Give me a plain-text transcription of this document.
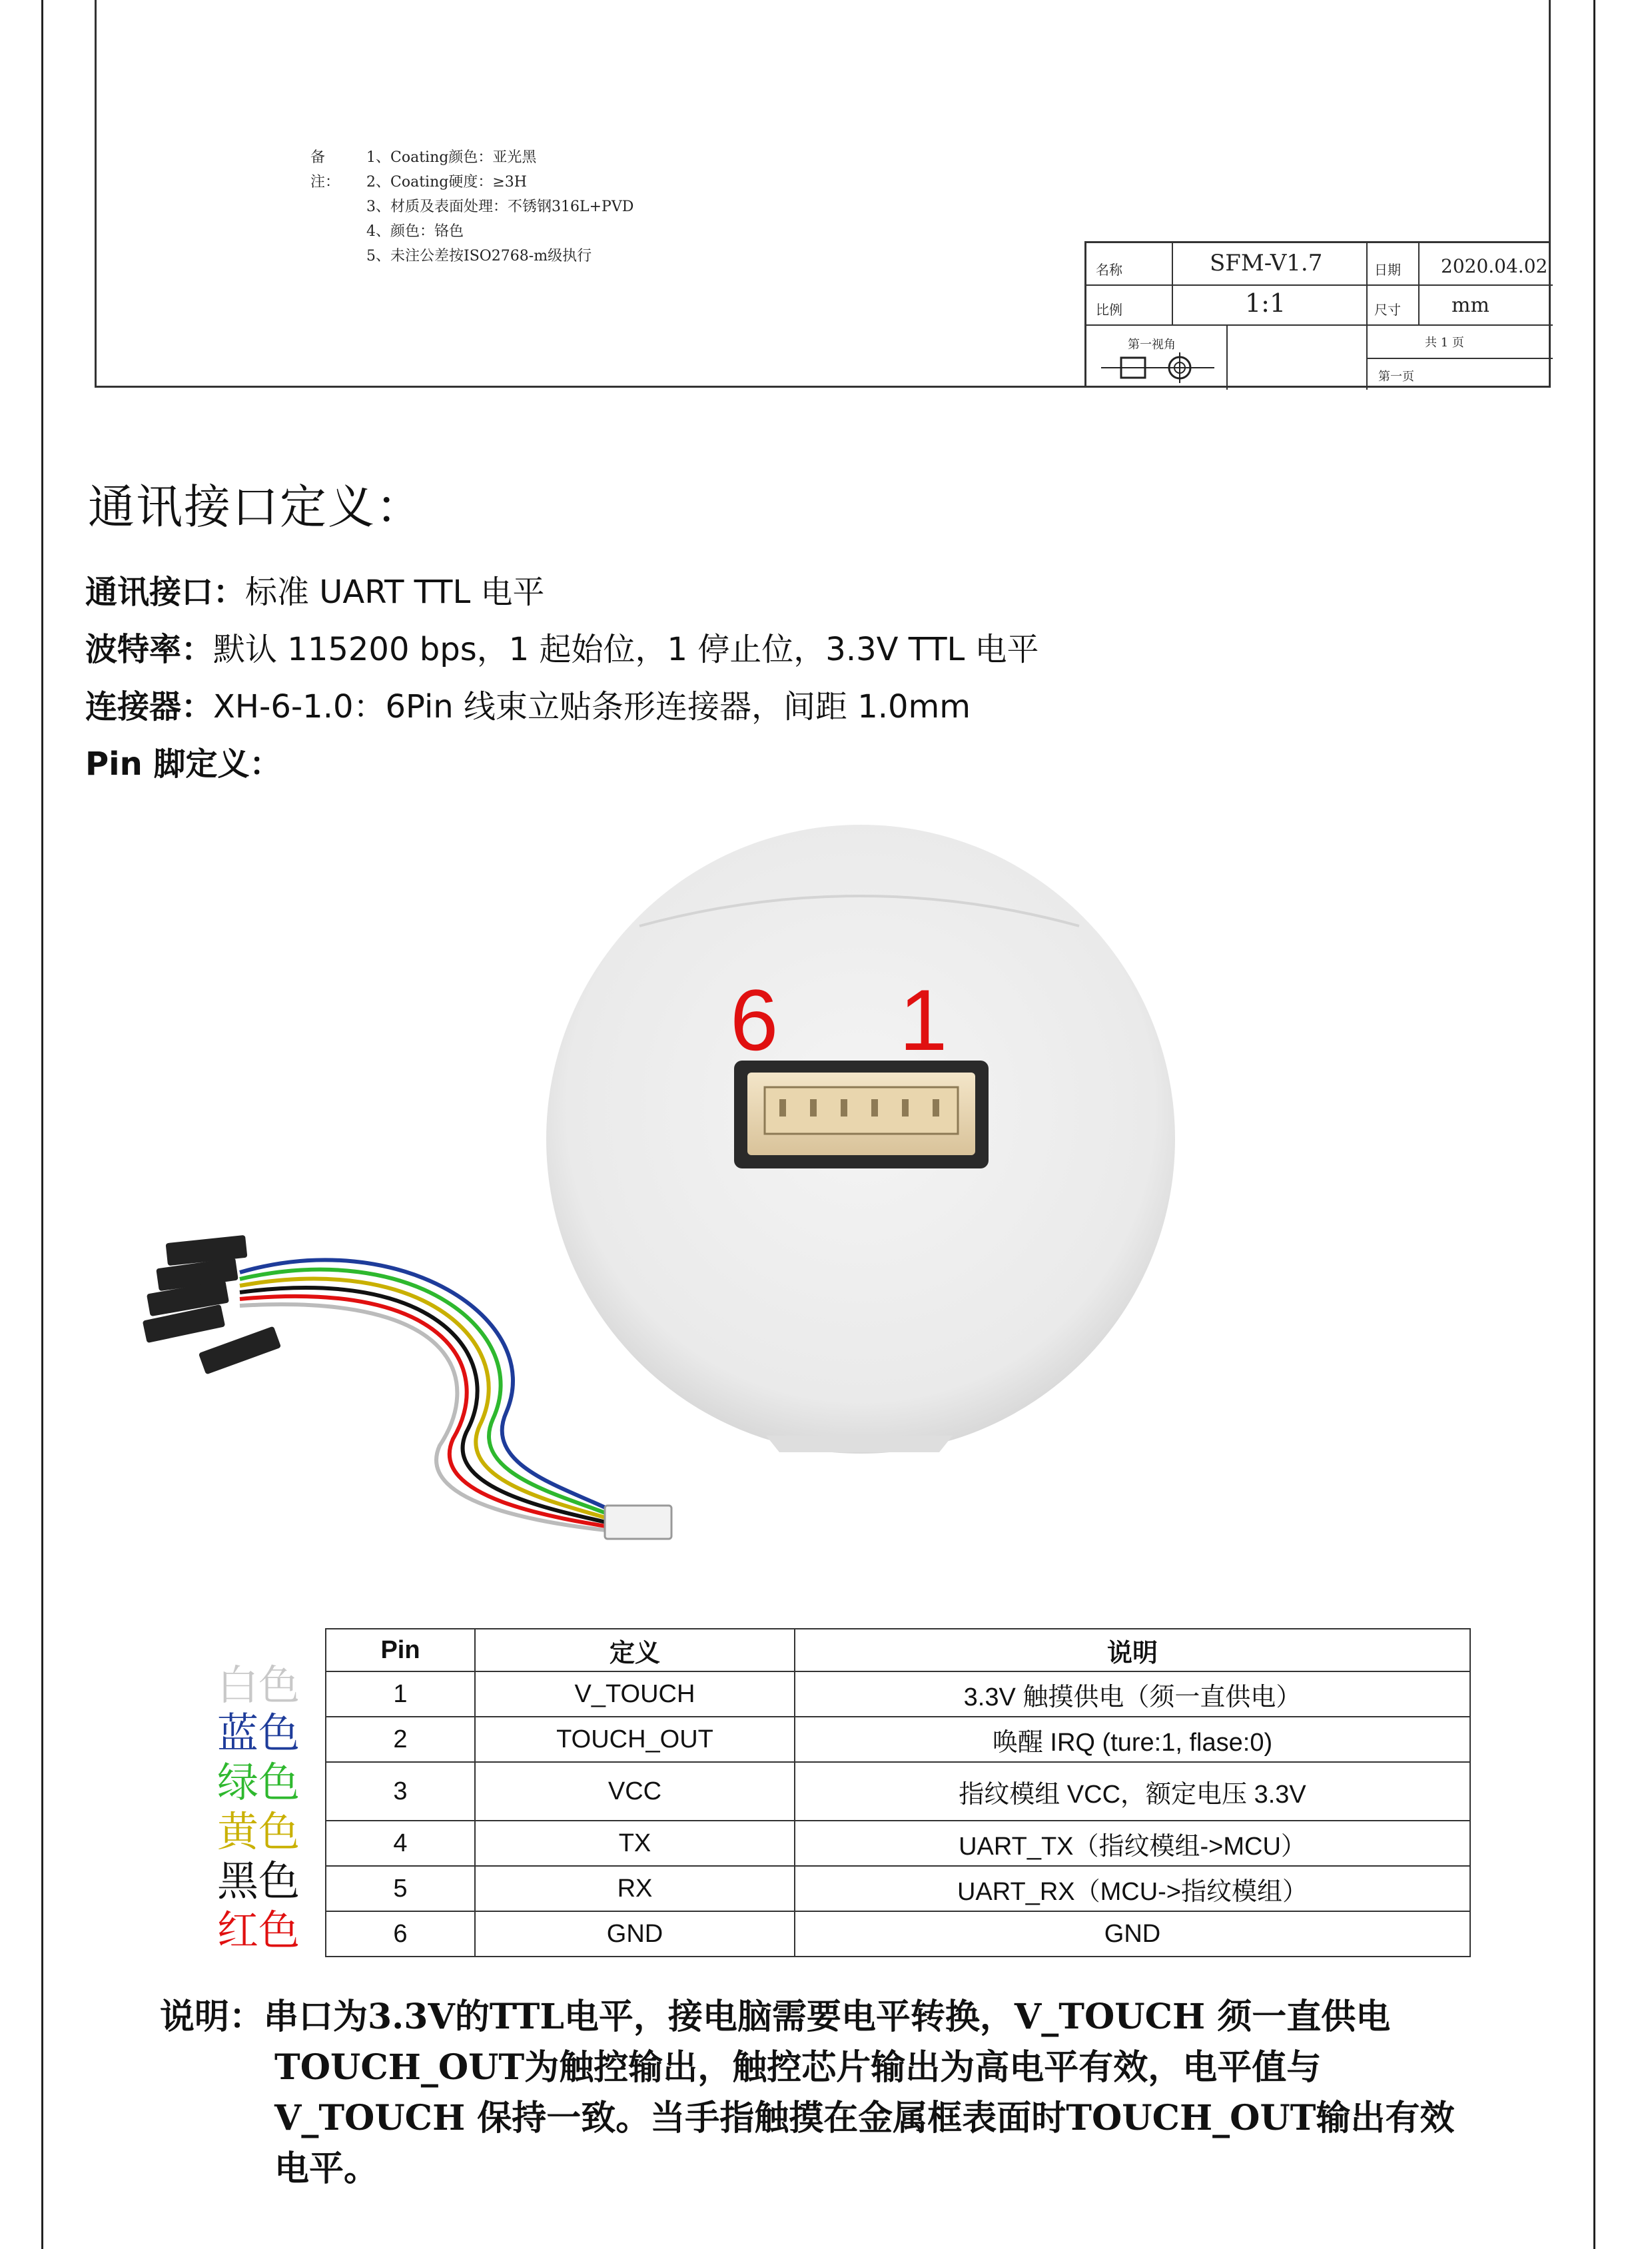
备注：
1、Coating颜色：亚光黑
2、Coating硬度：≥3H
3、材质及表面处理：不锈钢316L+PVD
4、颜色：铬色
5、未注公差按ISO2768-m级执行
名称	SFM-V1.7	日期 2020.04.02
比例	1:1	尺寸	mm
第一视角	共 1 页
第一页
通讯接口定义：
通讯接口：标准 UART TTL 电平
波特率：默认 115200 bps，1 起始位，1 停止位，3.3V TTL 电平
连接器：XH-6-1.0：6Pin 线束立贴条形连接器，间距 1.0mm
Pin 脚定义：
6 1
白色
蓝色
绿色
黄色
黑色
红色
Pin	定义	说明
1	V_TOUCH	3.3V 触摸供电（须一直供电）
2	TOUCH_OUT	唤醒 IRQ (ture:1, flase:0)
3	VCC	指纹模组 VCC，额定电压 3.3V
4	TX	UART_TX（指纹模组->MCU）
5	RX	UART_RX（MCU->指纹模组）
6	GND	GND
说明：串口为3.3V的TTL电平，接电脑需要电平转换，V_TOUCH 须一直供电
TOUCH_OUT为触控输出，触控芯片输出为高电平有效，电平值与
V_TOUCH 保持一致。当手指触摸在金属框表面时TOUCH_OUT输出有效
电平。
